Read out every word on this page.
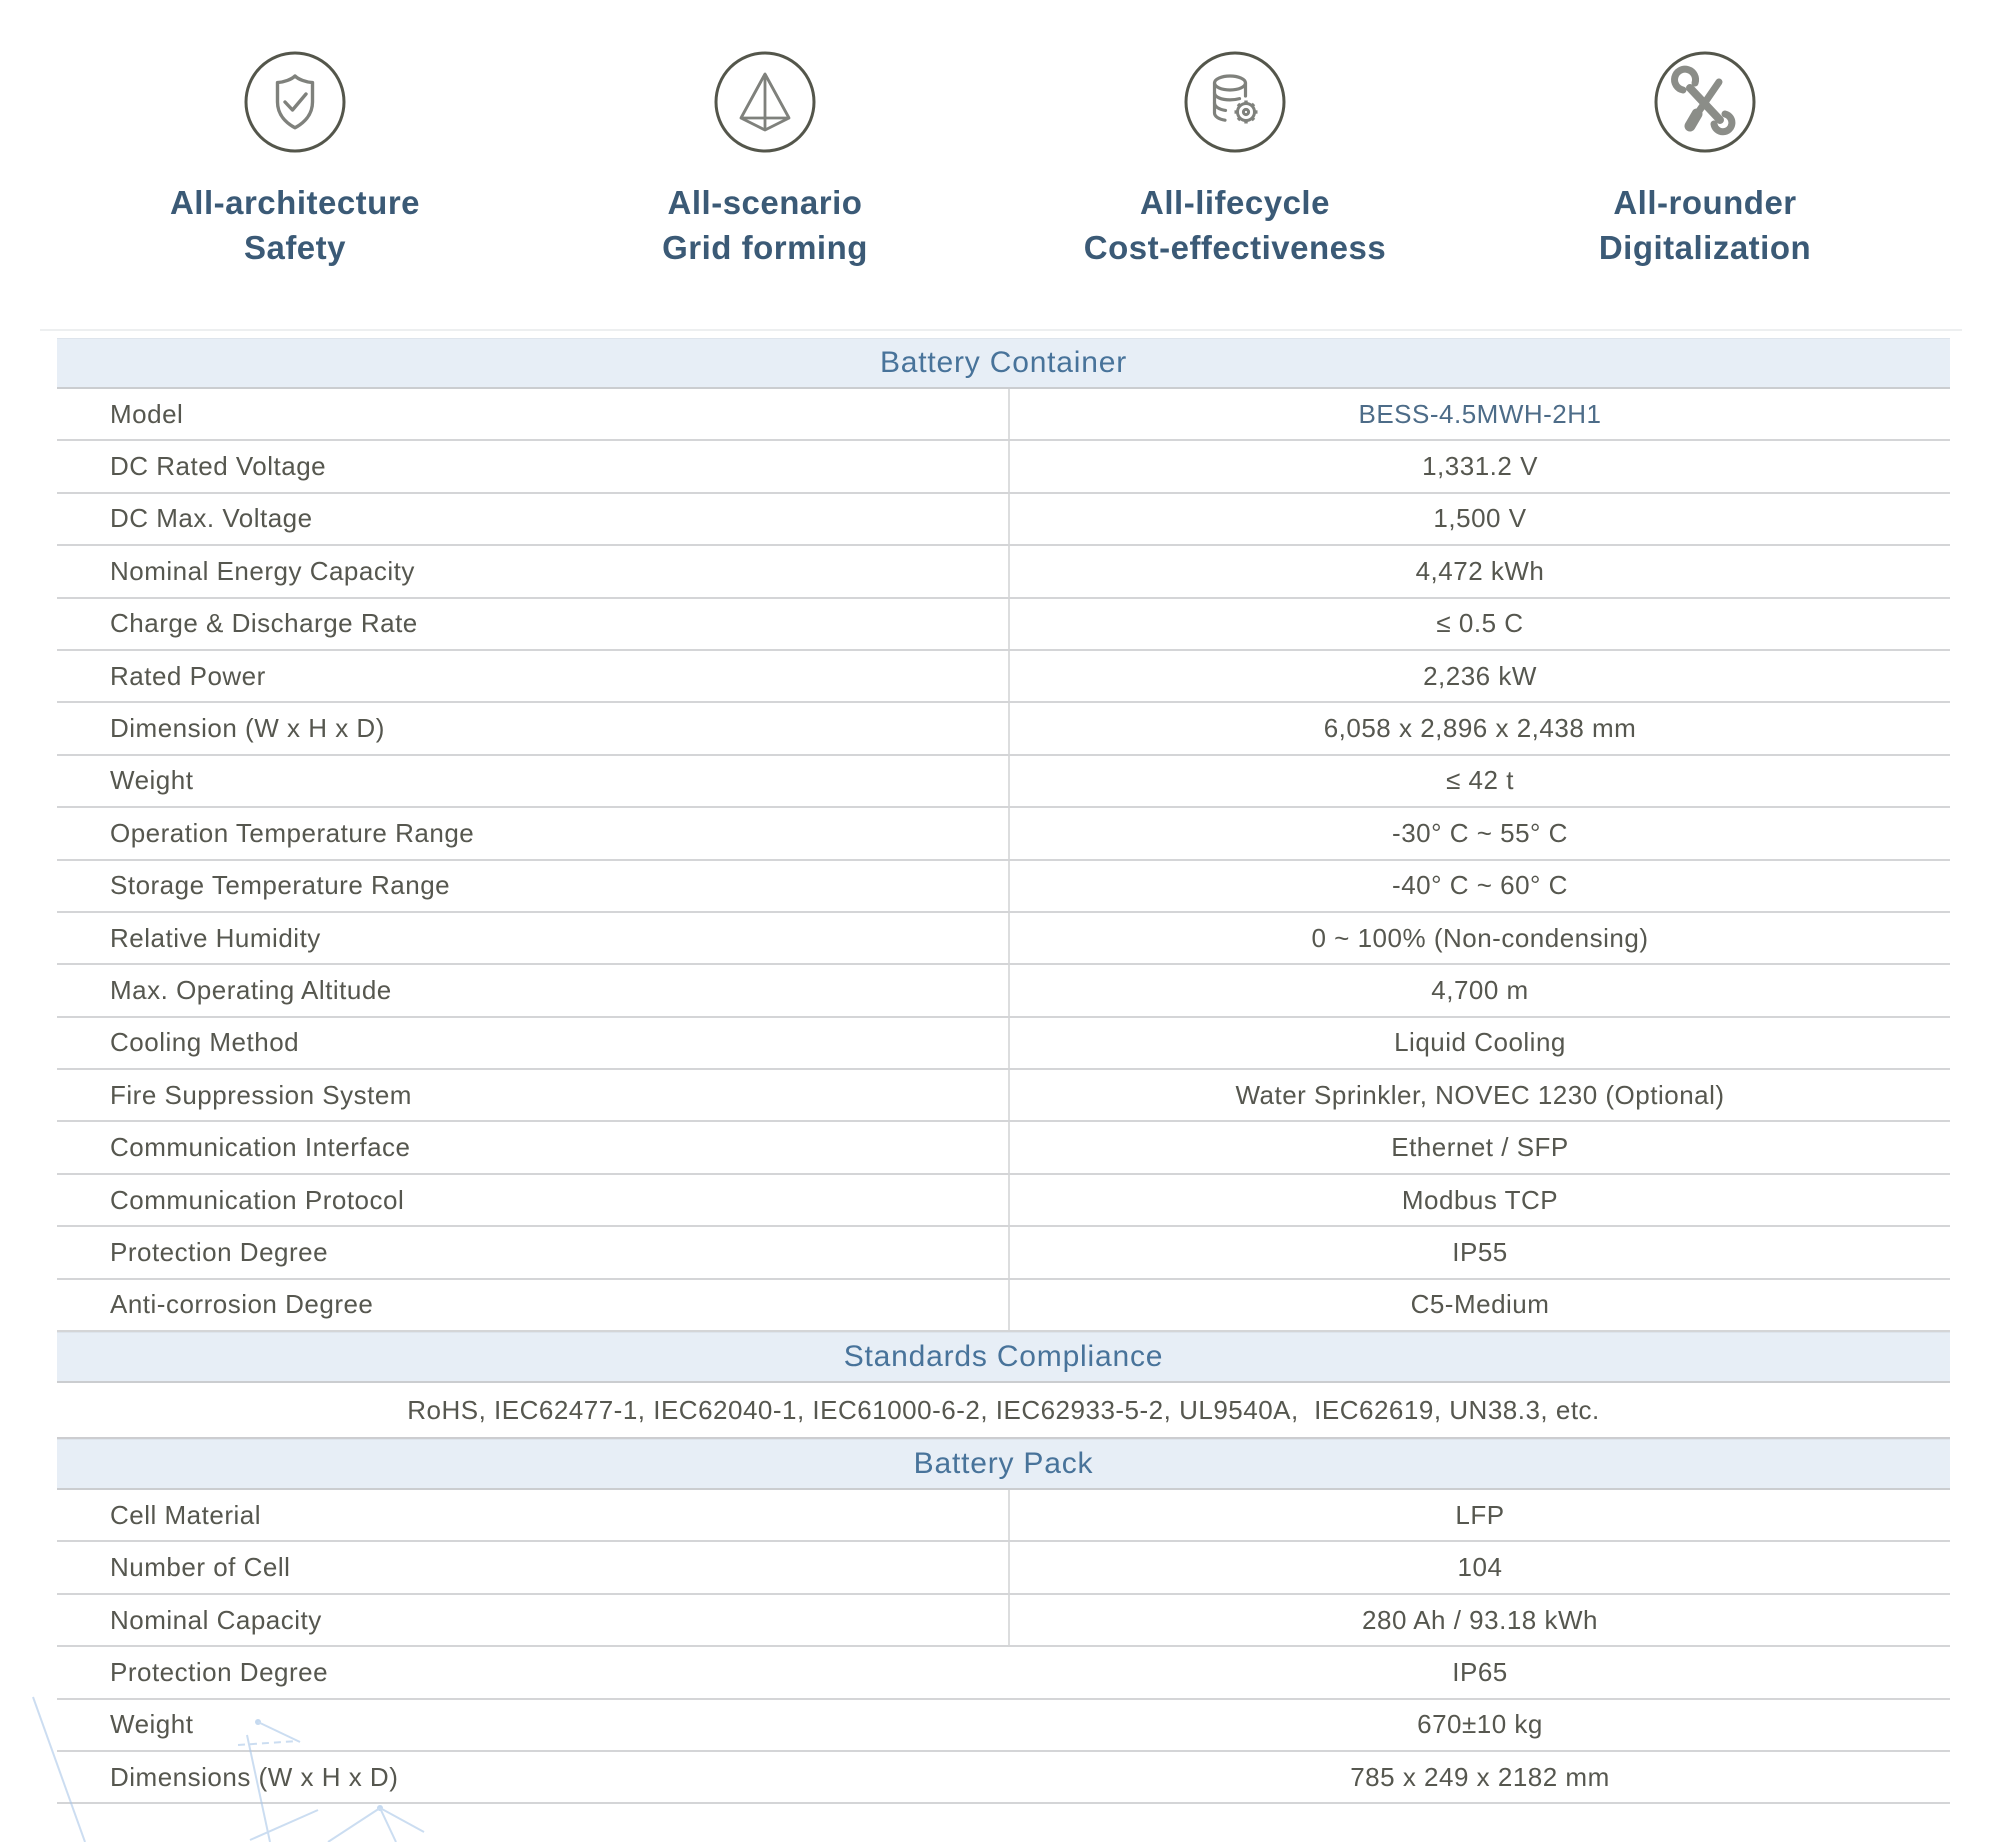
All-architecture
Safety
All-scenario
Grid forming
All-lifecycle
Cost-effectiveness
All-rounder
Digitalization
Battery Container
Model	BESS-4.5MWH-2H1
DC Rated Voltage	1,331.2 V
DC Max. Voltage	1,500 V
Nominal Energy Capacity	4,472 kWh
Charge & Discharge Rate	≤ 0.5 C
Rated Power	2,236 kW
Dimension (W x H x D)	6,058 x 2,896 x 2,438 mm
Weight	≤ 42 t
Operation Temperature Range	-30° C ~ 55° C
Storage Temperature Range	-40° C ~ 60° C
Relative Humidity	0 ~ 100% (Non-condensing)
Max. Operating Altitude	4,700 m
Cooling Method	Liquid Cooling
Fire Suppression System	Water Sprinkler, NOVEC 1230 (Optional)
Communication Interface	Ethernet / SFP
Communication Protocol	Modbus TCP
Protection Degree	IP55
Anti-corrosion Degree	C5-Medium
Standards Compliance
RoHS, IEC62477-1, IEC62040-1, IEC61000-6-2, IEC62933-5-2, UL9540A,  IEC62619, UN38.3, etc.
Battery Pack
Cell Material	LFP
Number of Cell	104
Nominal Capacity	280 Ah / 93.18 kWh
Protection Degree	IP65
Weight	670±10 kg
Dimensions (W x H x D)	785 x 249 x 2182 mm
